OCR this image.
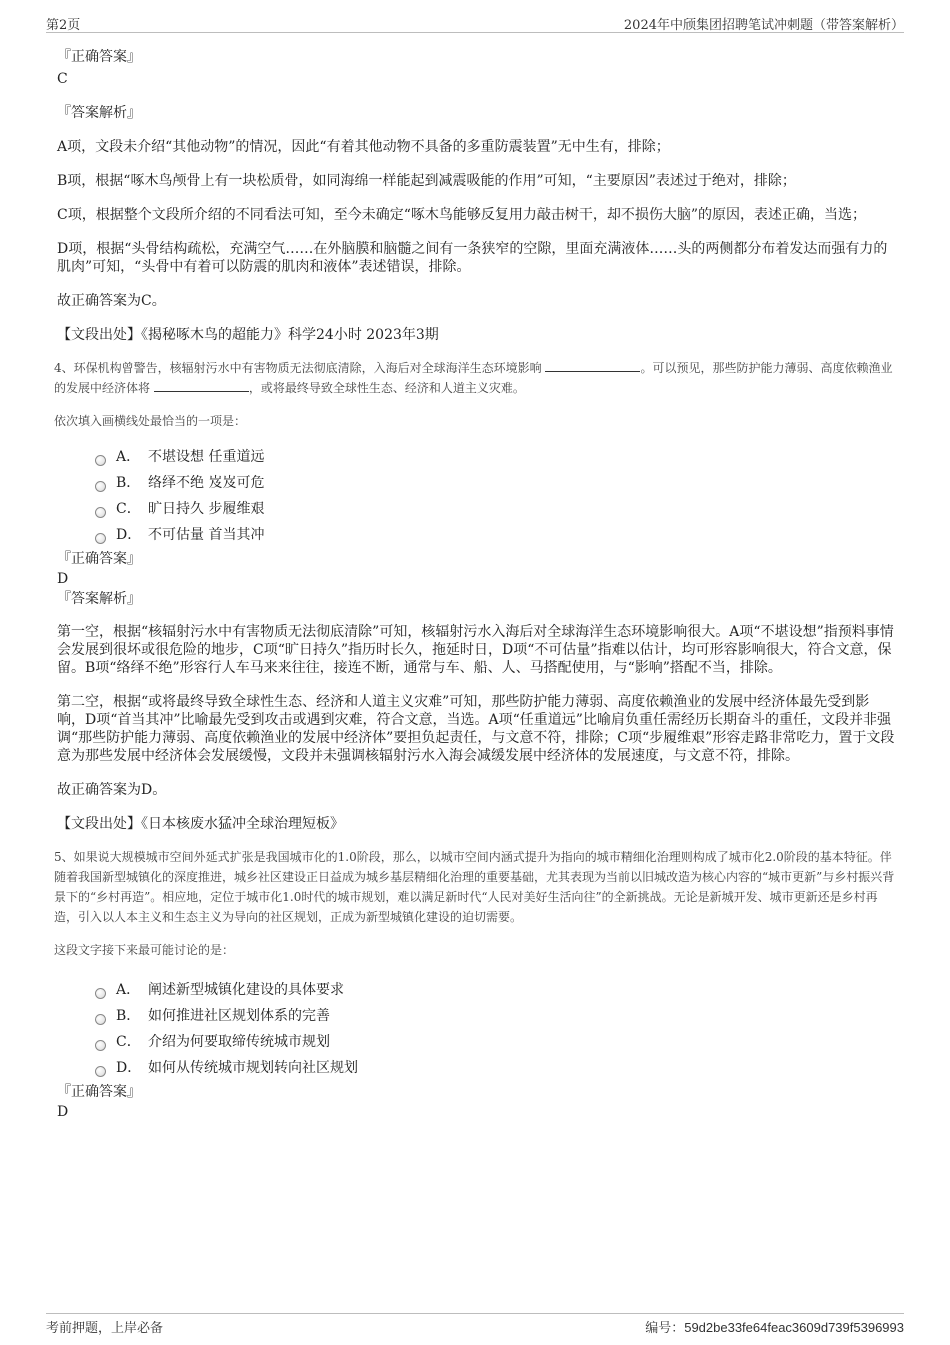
第2页	2024年中颀集团招聘笔试冲刺题（带答案解析）

『正确答案』

C

『答案解析』

A项，文段未介绍“其他动物”的情况，因此“有着其他动物不具备的多重防震装置”无中生有，排除；

B项，根据“啄木鸟颅骨上有一块松质骨，如同海绵一样能起到减震吸能的作用”可知，“主要原因”表述过于绝对，排除；

C项，根据整个文段所介绍的不同看法可知，至今未确定“啄木鸟能够反复用力敲击树干，却不损伤大脑”的原因，表述正确，当选；

D项，根据“头骨结构疏松，充满空气……在外脑膜和脑髓之间有一条狭窄的空隙，里面充满液体……头的两侧都分布着发达而强有力的肌肉”可知，“头骨中有着可以防震的肌肉和液体”表述错误，排除。

故正确答案为C。

【文段出处】《揭秘啄木鸟的超能力》科学24小时 2023年3期

4、环保机构曾警告，核辐射污水中有害物质无法彻底清除，入海后对全球海洋生态环境影响	。可以预见，那些防护能力薄弱、高度依赖渔业的发展中经济体将	，或将最终导致全球性生态、经济和人道主义灾难。

依次填入画横线处最恰当的一项是：

A． 不堪设想 任重道远
B． 络绎不绝 岌岌可危
C． 旷日持久 步履维艰
D． 不可估量 首当其冲

『正确答案』

D

『答案解析』

第一空，根据“核辐射污水中有害物质无法彻底清除”可知，核辐射污水入海后对全球海洋生态环境影响很大。A项“不堪设想”指预料事情会发展到很坏或很危险的地步，C项“旷日持久”指历时长久，拖延时日，D项“不可估量”指难以估计，均可形容影响很大，符合文意，保留。B项“络绎不绝”形容行人车马来来往往，接连不断，通常与车、船、人、马搭配使用，与“影响”搭配不当，排除。

第二空，根据“或将最终导致全球性生态、经济和人道主义灾难”可知，那些防护能力薄弱、高度依赖渔业的发展中经济体最先受到影响，D项“首当其冲”比喻最先受到攻击或遇到灾难，符合文意，当选。A项“任重道远”比喻肩负重任需经历长期奋斗的重任，文段并非强调“那些防护能力薄弱、高度依赖渔业的发展中经济体”要担负起责任，与文意不符，排除；C项“步履维艰”形容走路非常吃力，置于文段意为那些发展中经济体会发展缓慢，文段并未强调核辐射污水入海会减缓发展中经济体的发展速度，与文意不符，排除。

故正确答案为D。

【文段出处】《日本核废水猛冲全球治理短板》

5、如果说大规模城市空间外延式扩张是我国城市化的1.0阶段，那么，以城市空间内涵式提升为指向的城市精细化治理则构成了城市化2.0阶段的基本特征。伴随着我国新型城镇化的深度推进，城乡社区建设正日益成为城乡基层精细化治理的重要基础，尤其表现为当前以旧城改造为核心内容的“城市更新”与乡村振兴背景下的“乡村再造”。相应地，定位于城市化1.0时代的城市规划，难以满足新时代“人民对美好生活向往”的全新挑战。无论是新城开发、城市更新还是乡村再造，引入以人本主义和生态主义为导向的社区规划，正成为新型城镇化建设的迫切需要。

这段文字接下来最可能讨论的是：

A． 阐述新型城镇化建设的具体要求
B． 如何推进社区规划体系的完善
C． 介绍为何要取缔传统城市规划
D． 如何从传统城市规划转向社区规划

『正确答案』

D

考前押题，上岸必备	编号：59d2be33fe64feac3609d739f5396993
